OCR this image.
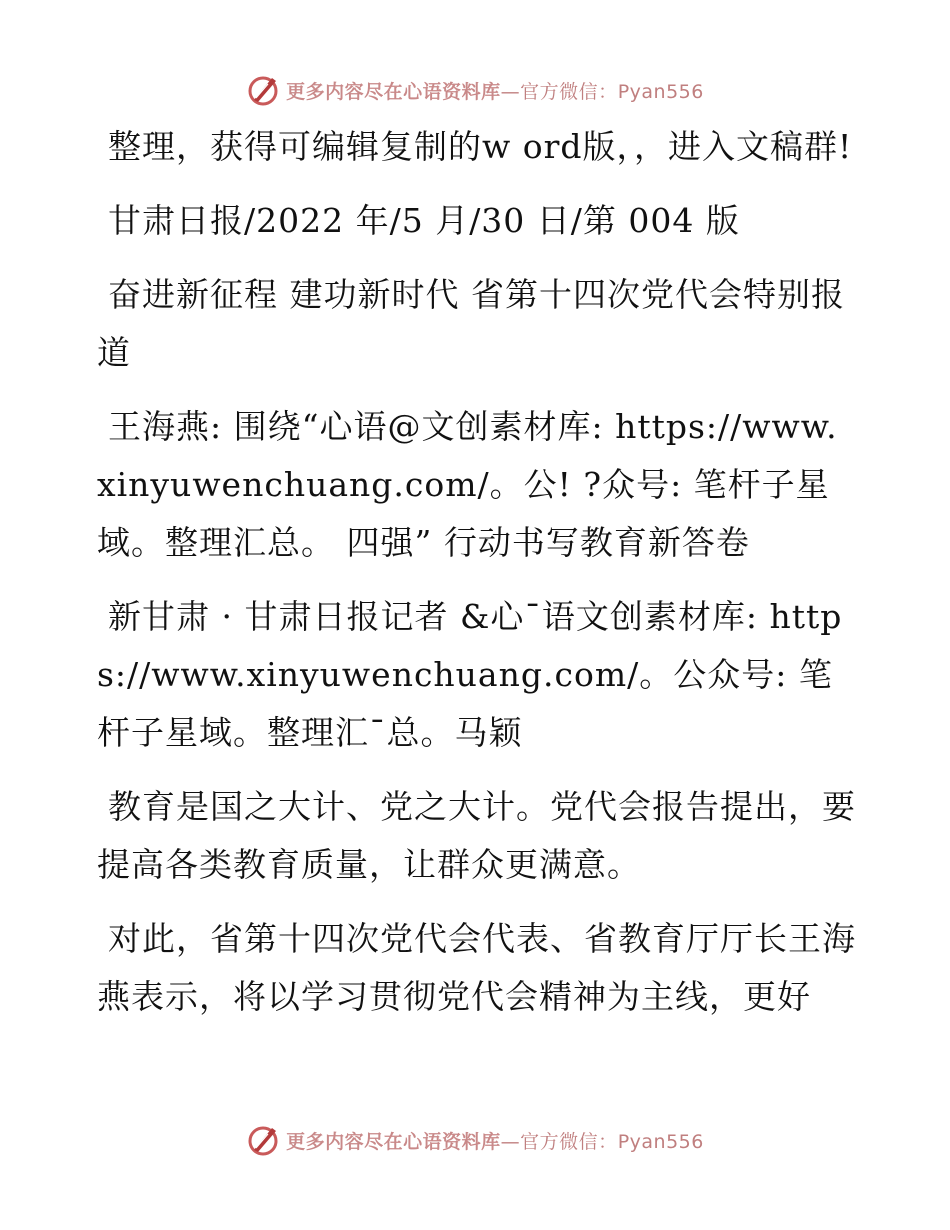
更多内容尽在心语资料库—官方微信：Pyan556

整理，获得可编辑复制的w ord版，，进入文稿群!

甘肃日报/2022 年/5 月/30 日/第 004 版

奋进新征程 建功新时代 省第十四次党代会特别报道

王海燕: 围绕“心语@文创素材库: https://www.xinyuwenchuang.com/。公! ?众号: 笔杆子星域。整理汇总。 四强” 行动书写教育新答卷

新甘肃 · 甘肃日报记者 &心¯语文创素材库: https://www.xinyuwenchuang.com/。公众号: 笔杆子星域。整理汇¯总。马颖

教育是国之大计、党之大计。党代会报告提出，要提高各类教育质量，让群众更满意。

对此，省第十四次党代会代表、省教育厅厅长王海燕表示，将以学习贯彻党代会精神为主线，更好

更多内容尽在心语资料库—官方微信：Pyan556
